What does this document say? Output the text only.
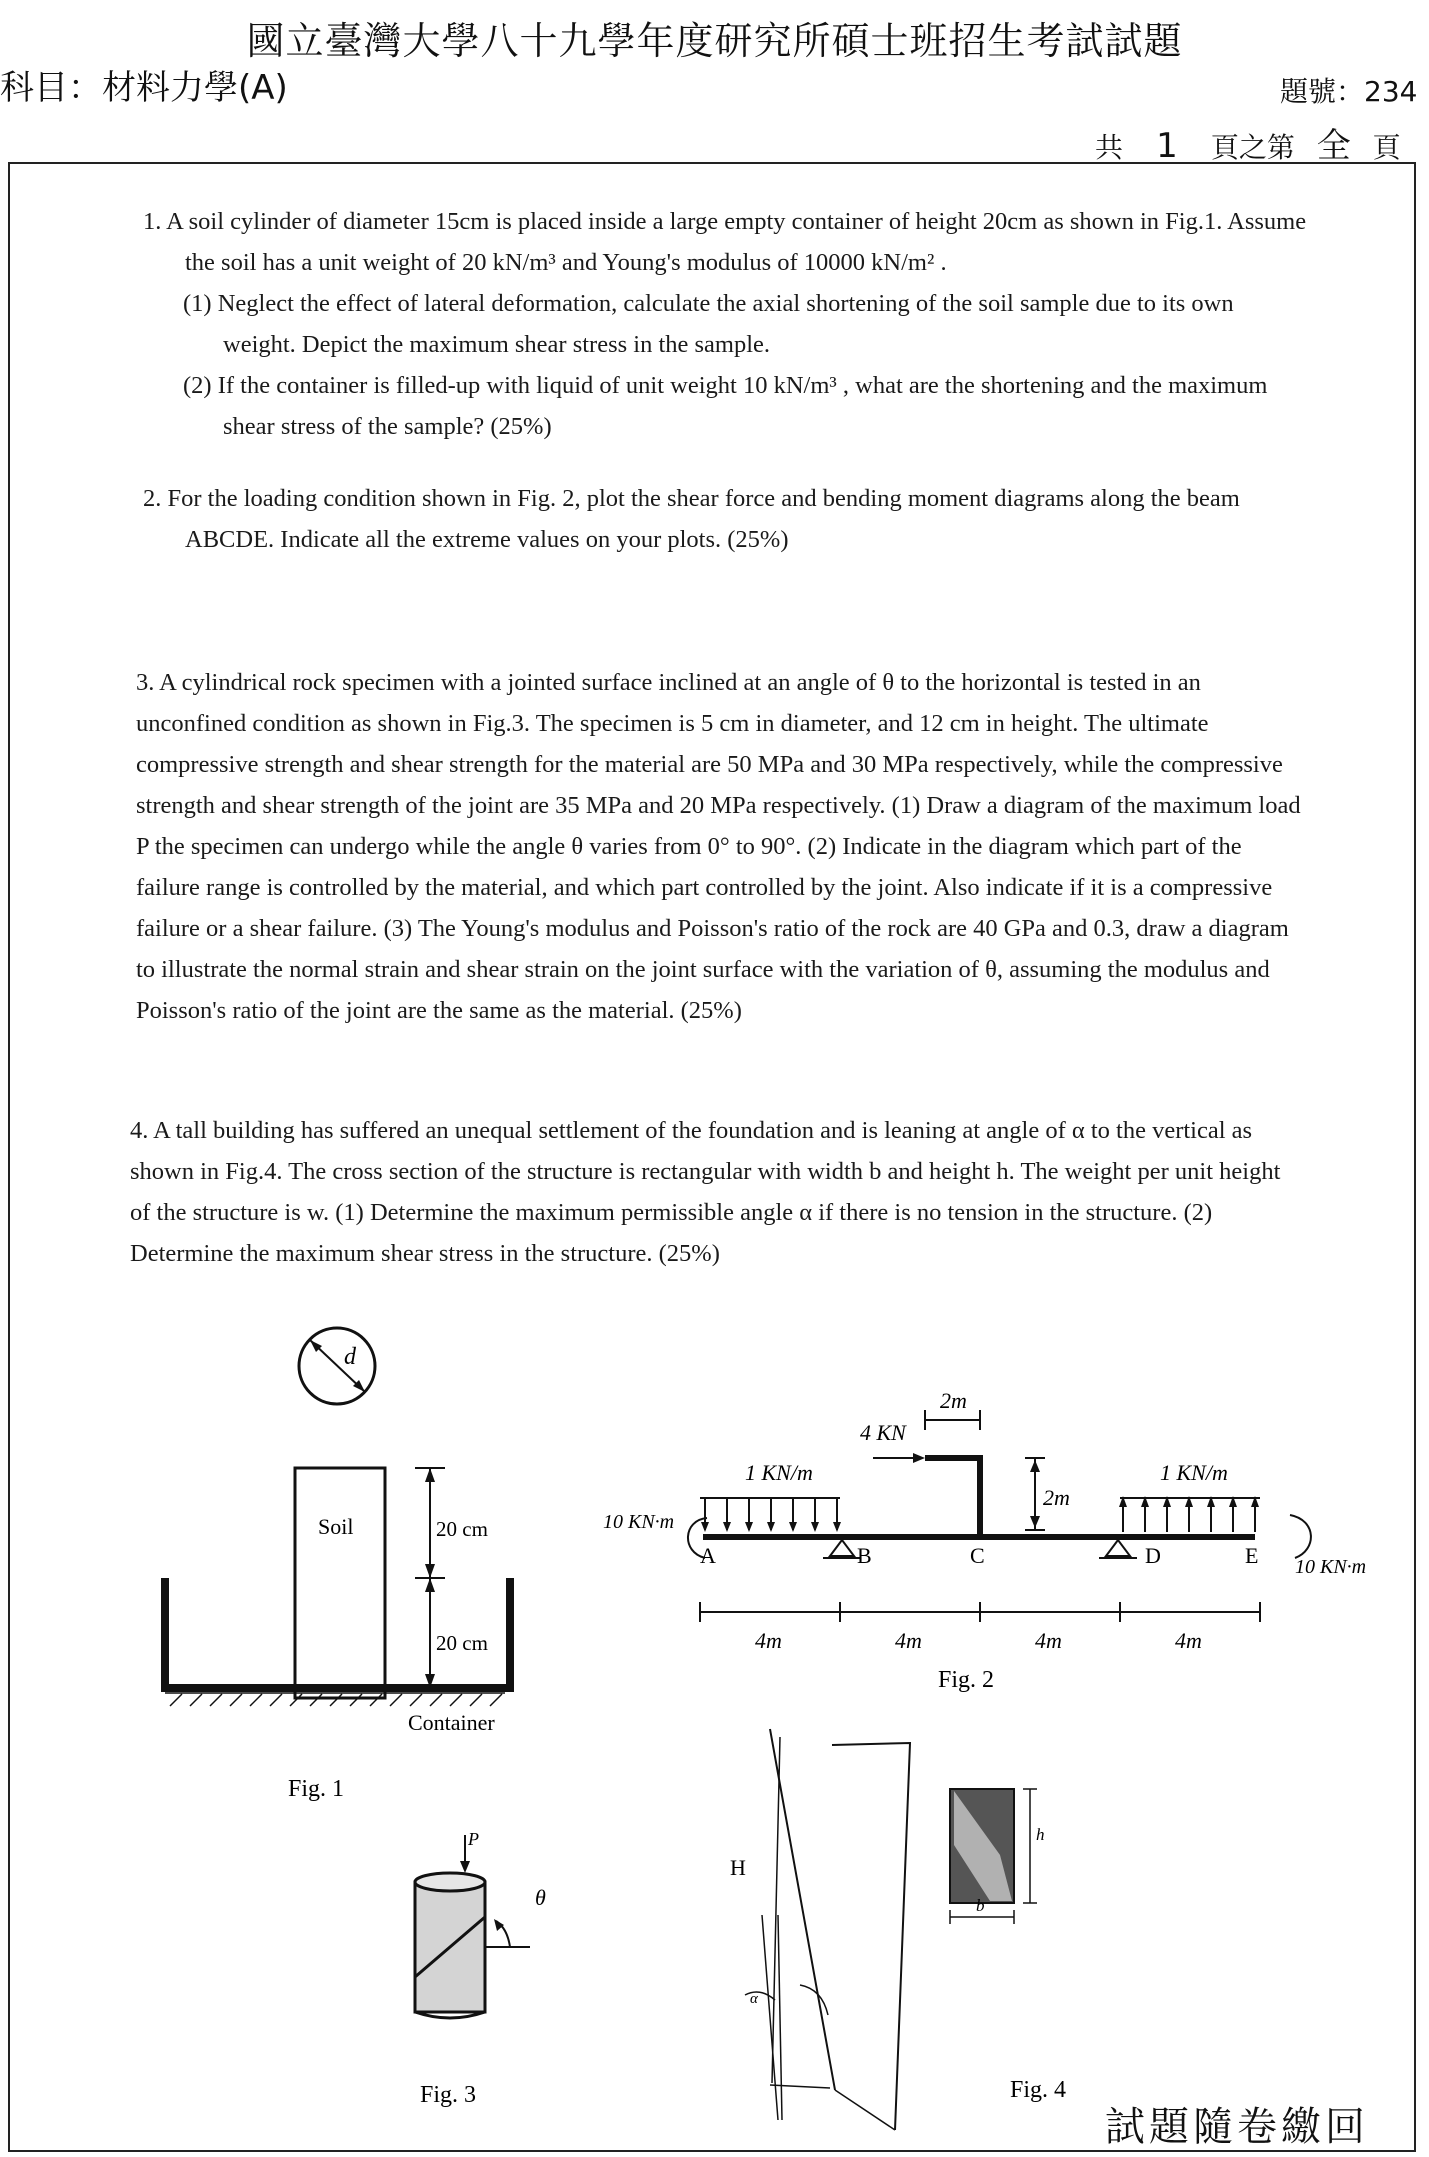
國立臺灣大學八十九學年度研究所碩士班招生考試試題
科目：材料力學(A)	題號：234
共 1 頁之第 全 頁

1. A soil cylinder of diameter 15cm is placed inside a large empty container of height 20cm as shown in Fig.1. Assume the soil has a unit weight of 20 kN/m³ and Young's modulus of 10000 kN/m² .

(1) Neglect the effect of lateral deformation, calculate the axial shortening of the soil sample due to its own weight. Depict the maximum shear stress in the sample.

(2) If the container is filled-up with liquid of unit weight 10 kN/m³ , what are the shortening and the maximum shear stress of the sample? (25%)

2. For the loading condition shown in Fig. 2, plot the shear force and bending moment diagrams along the beam ABCDE. Indicate all the extreme values on your plots. (25%)

3. A cylindrical rock specimen with a jointed surface inclined at an angle of θ to the horizontal is tested in an unconfined condition as shown in Fig.3. The specimen is 5 cm in diameter, and 12 cm in height. The ultimate compressive strength and shear strength for the material are 50 MPa and 30 MPa respectively, while the compressive strength and shear strength of the joint are 35 MPa and 20 MPa respectively. (1) Draw a diagram of the maximum load P the specimen can undergo while the angle θ varies from 0° to 90°. (2) Indicate in the diagram which part of the failure range is controlled by the material, and which part controlled by the joint. Also indicate if it is a compressive failure or a shear failure. (3) The Young's modulus and Poisson's ratio of the rock are 40 GPa and 0.3, draw a diagram to illustrate the normal strain and shear strain on the joint surface with the variation of θ, assuming the modulus and Poisson's ratio of the joint are the same as the material. (25%)

4. A tall building has suffered an unequal settlement of the foundation and is leaning at angle of α to the vertical as shown in Fig.4. The cross section of the structure is rectangular with width b and height h. The weight per unit height of the structure is w. (1) Determine the maximum permissible angle α if there is no tension in the structure. (2) Determine the maximum shear stress in the structure. (25%)

d
Soil	20 cm
20 cm
Container
Fig. 1
4 KN
2m
2m
1 KN/m	1 KN/m
10 KN·m
10 KN·m
A	B	C	D	E
4m	4m	4m	4m
Fig. 2
P
θ
Fig. 3
H
α
h
b
Fig. 4
試題隨卷繳回
